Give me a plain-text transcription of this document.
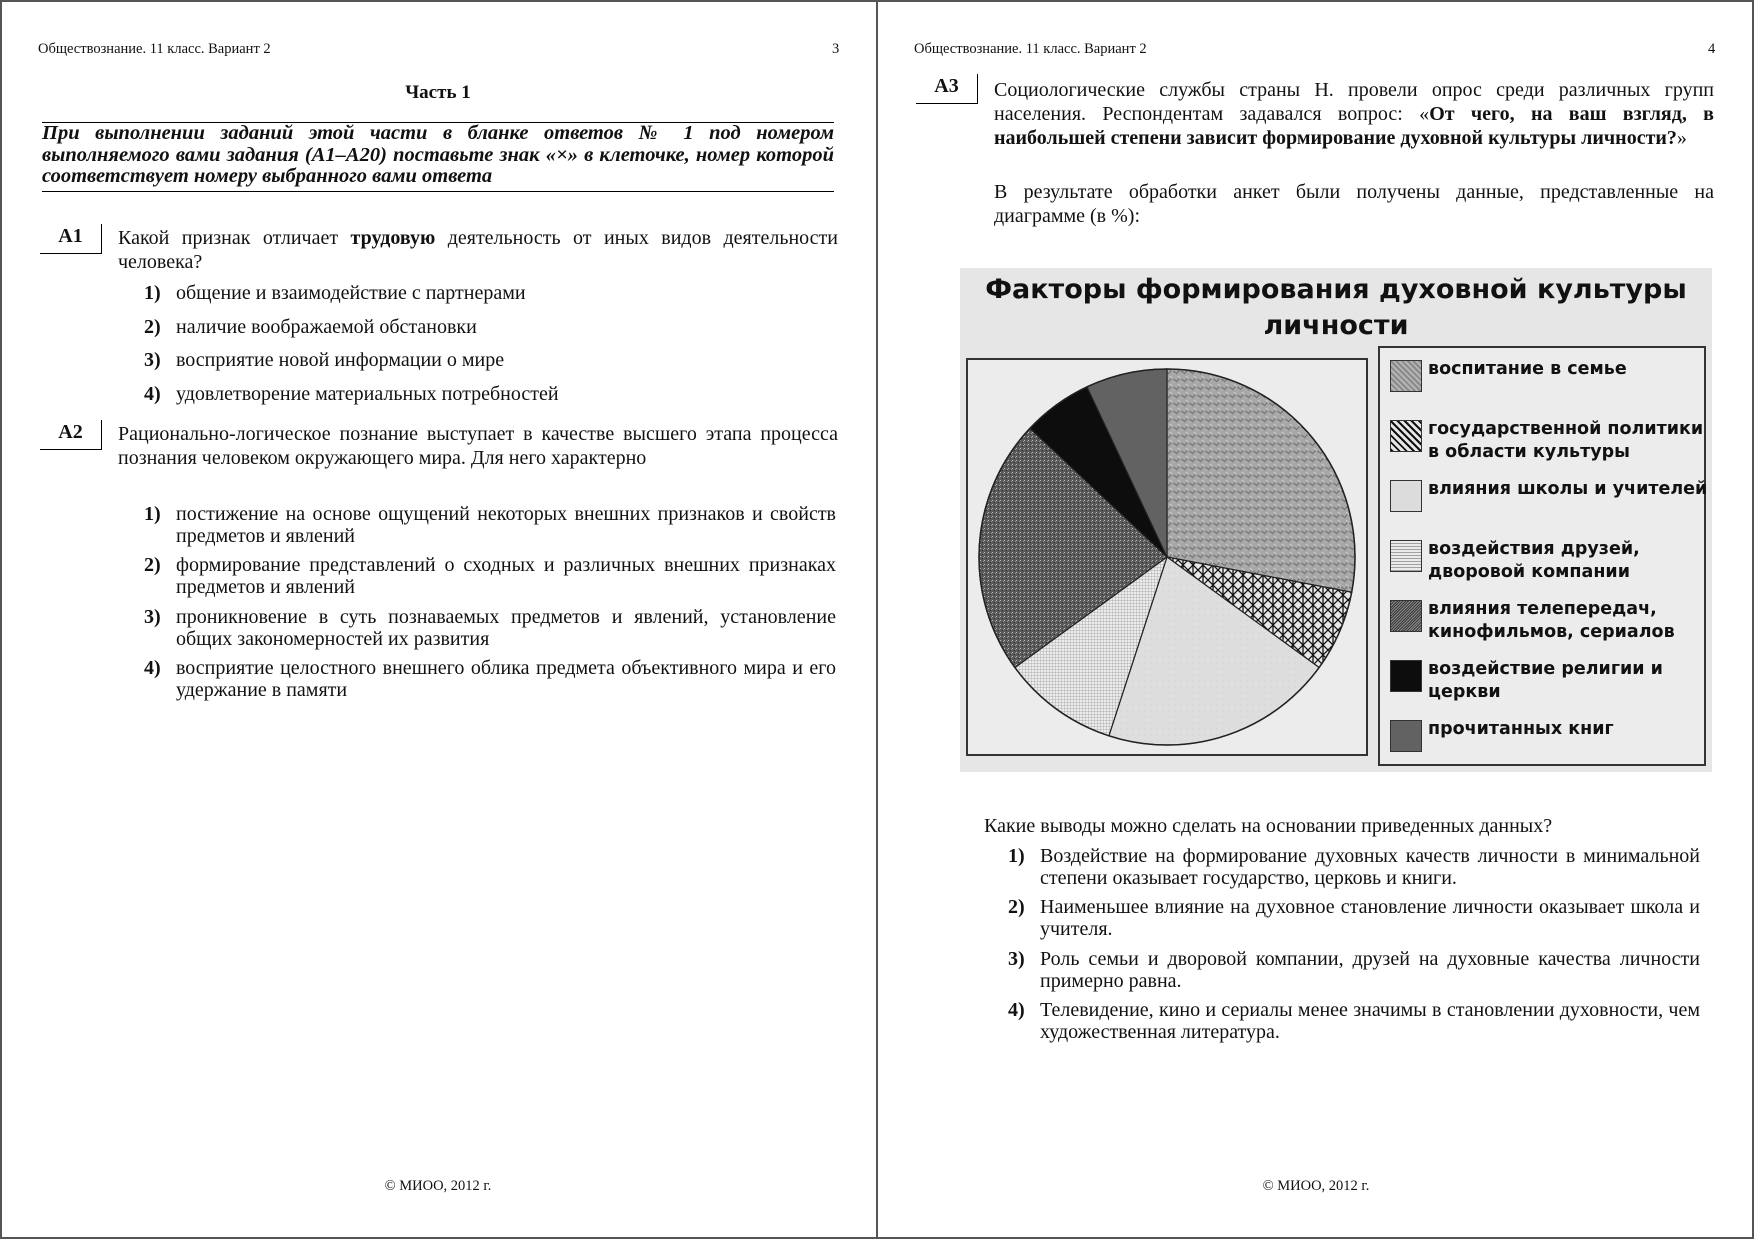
Обществознание. 11 класс. Вариант 2	3
Часть 1
При выполнении заданий этой части в бланке ответов № 1 под номером выполняемого вами задания (А1–А20) поставьте знак «×» в клеточке, номер которой соответствует номеру выбранного вами ответа
А1	Какой признак отличает трудовую деятельность от иных видов деятельности человека?
1) общение и взаимодействие с партнерами
2) наличие воображаемой обстановки
3) восприятие новой информации о мире
4) удовлетворение материальных потребностей
А2	Рационально-логическое познание выступает в качестве высшего этапа процесса познания человеком окружающего мира. Для него характерно
1) постижение на основе ощущений некоторых внешних признаков и свойств предметов и явлений
2) формирование представлений о сходных и различных внешних признаках предметов и явлений
3) проникновение в суть познаваемых предметов и явлений, установление общих закономерностей их развития
4) восприятие целостного внешнего облика предмета объективного мира и его удержание в памяти
© МИОО, 2012 г.
Обществознание. 11 класс. Вариант 2	4
А3	Социологические службы страны Н. провели опрос среди различных групп населения. Респондентам задавался вопрос: «От чего, на ваш взгляд, в наибольшей степени зависит формирование духовной культуры личности?»
В результате обработки анкет были получены данные, представленные на диаграмме (в %):
Какие выводы можно сделать на основании приведенных данных?
1) Воздействие на формирование духовных качеств личности в минимальной степени оказывает государство, церковь и книги.
2) Наименьшее влияние на духовное становление личности оказывает школа и учителя.
3) Роль семьи и дворовой компании, друзей на духовные качества личности примерно равна.
4) Телевидение, кино и сериалы менее значимы в становлении духовности, чем художественная литература.
© МИОО, 2012 г.
Факторы формирования духовной культуры личности
воспитание в семье
государственной политики в области культуры
влияния школы и учителей
воздействия друзей, дворовой компании
влияния телепередач, кинофильмов, сериалов
воздействие религии и церкви
прочитанных книг
